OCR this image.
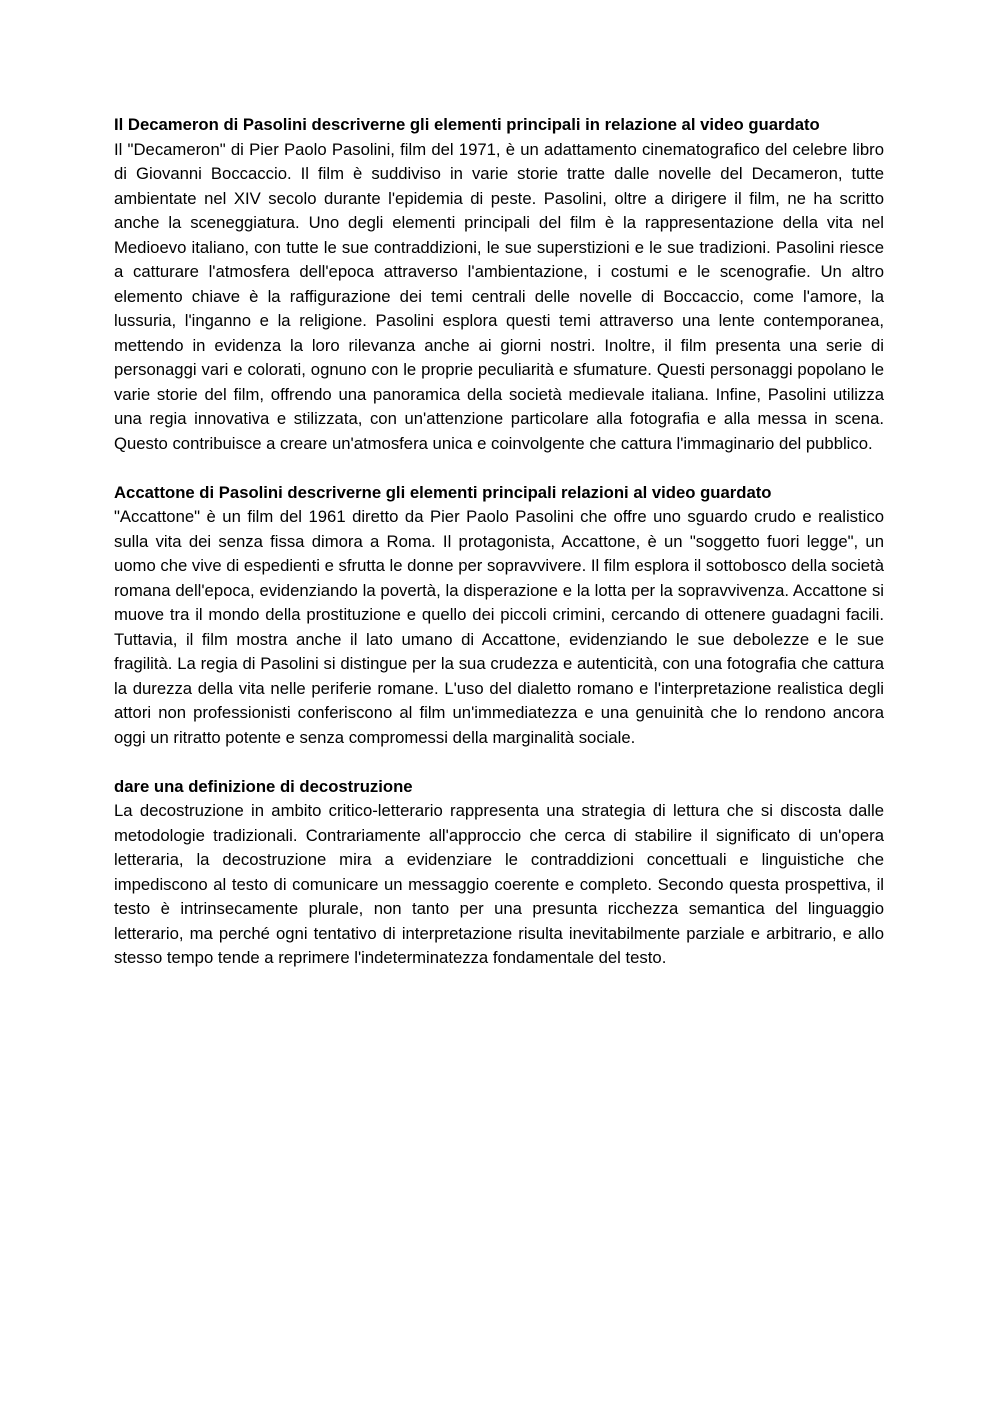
Il Decameron di Pasolini descriverne gli elementi principali in relazione al video guardato

Il "Decameron" di Pier Paolo Pasolini, film del 1971, è un adattamento cinematografico del celebre libro di Giovanni Boccaccio. Il film è suddiviso in varie storie tratte dalle novelle del Decameron, tutte ambientate nel XIV secolo durante l'epidemia di peste. Pasolini, oltre a dirigere il film, ne ha scritto anche la sceneggiatura. Uno degli elementi principali del film è la rappresentazione della vita nel Medioevo italiano, con tutte le sue contraddizioni, le sue superstizioni e le sue tradizioni. Pasolini riesce a catturare l'atmosfera dell'epoca attraverso l'ambientazione, i costumi e le scenografie. Un altro elemento chiave è la raffigurazione dei temi centrali delle novelle di Boccaccio, come l'amore, la lussuria, l'inganno e la religione. Pasolini esplora questi temi attraverso una lente contemporanea, mettendo in evidenza la loro rilevanza anche ai giorni nostri. Inoltre, il film presenta una serie di personaggi vari e colorati, ognuno con le proprie peculiarità e sfumature. Questi personaggi popolano le varie storie del film, offrendo una panoramica della società medievale italiana. Infine, Pasolini utilizza una regia innovativa e stilizzata, con un'attenzione particolare alla fotografia e alla messa in scena. Questo contribuisce a creare un'atmosfera unica e coinvolgente che cattura l'immaginario del pubblico.

Accattone di Pasolini descriverne gli elementi principali relazioni al video guardato

"Accattone" è un film del 1961 diretto da Pier Paolo Pasolini che offre uno sguardo crudo e realistico sulla vita dei senza fissa dimora a Roma. Il protagonista, Accattone, è un "soggetto fuori legge", un uomo che vive di espedienti e sfrutta le donne per sopravvivere. Il film esplora il sottobosco della società romana dell'epoca, evidenziando la povertà, la disperazione e la lotta per la sopravvivenza. Accattone si muove tra il mondo della prostituzione e quello dei piccoli crimini, cercando di ottenere guadagni facili. Tuttavia, il film mostra anche il lato umano di Accattone, evidenziando le sue debolezze e le sue fragilità. La regia di Pasolini si distingue per la sua crudezza e autenticità, con una fotografia che cattura la durezza della vita nelle periferie romane. L'uso del dialetto romano e l'interpretazione realistica degli attori non professionisti conferiscono al film un'immediatezza e una genuinità che lo rendono ancora oggi un ritratto potente e senza compromessi della marginalità sociale.

dare una definizione di decostruzione

La decostruzione in ambito critico-letterario rappresenta una strategia di lettura che si discosta dalle metodologie tradizionali. Contrariamente all'approccio che cerca di stabilire il significato di un'opera letteraria, la decostruzione mira a evidenziare le contraddizioni concettuali e linguistiche che impediscono al testo di comunicare un messaggio coerente e completo. Secondo questa prospettiva, il testo è intrinsecamente plurale, non tanto per una presunta ricchezza semantica del linguaggio letterario, ma perché ogni tentativo di interpretazione risulta inevitabilmente parziale e arbitrario, e allo stesso tempo tende a reprimere l'indeterminatezza fondamentale del testo.
